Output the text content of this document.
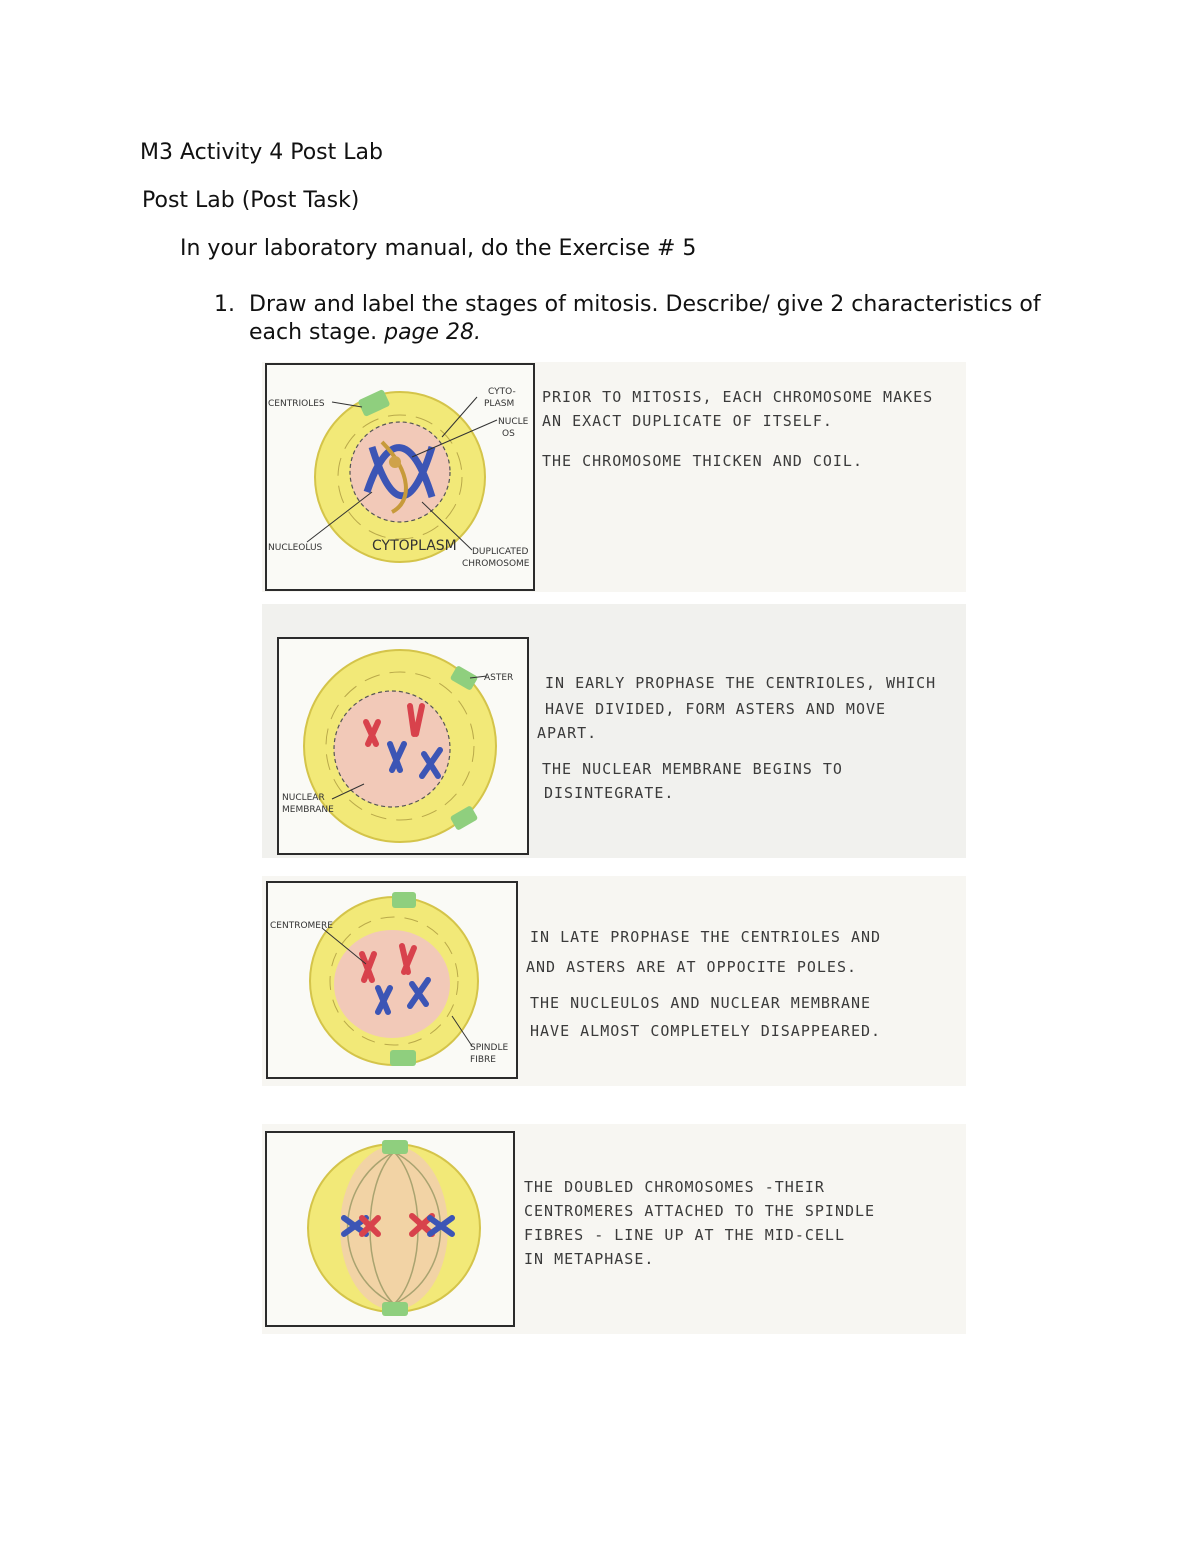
M3 Activity 4 Post Lab
Post Lab (Post Task)
In your laboratory manual, do the Exercise # 5
1. Draw and label the stages of mitosis. Describe/ give 2 characteristics of
each stage. page 28.
CENTRIOLES
CYTO-
PLASM
NUCLE
OS
NUCLEOLUS	CYTOPLASM DUPLICATED
CHROMOSOME
PRIOR TO MITOSIS, EACH CHROMOSOME MAKES
AN EXACT DUPLICATE OF ITSELF.
THE CHROMOSOME THICKEN AND COIL.
ASTER
NUCLEAR
MEMBRANE
IN EARLY PROPHASE THE CENTRIOLES, WHICH
HAVE DIVIDED, FORM ASTERS AND MOVE
APART.
THE NUCLEAR MEMBRANE BEGINS TO
DISINTEGRATE.
CENTROMERE
SPINDLE
FIBRE
IN LATE PROPHASE THE CENTRIOLES AND
AND ASTERS ARE AT OPPOCITE POLES.
THE NUCLEULOS AND NUCLEAR MEMBRANE
HAVE ALMOST COMPLETELY DISAPPEARED.
THE DOUBLED CHROMOSOMES -THEIR
CENTROMERES ATTACHED TO THE SPINDLE
FIBRES - LINE UP AT THE MID-CELL
IN METAPHASE.
